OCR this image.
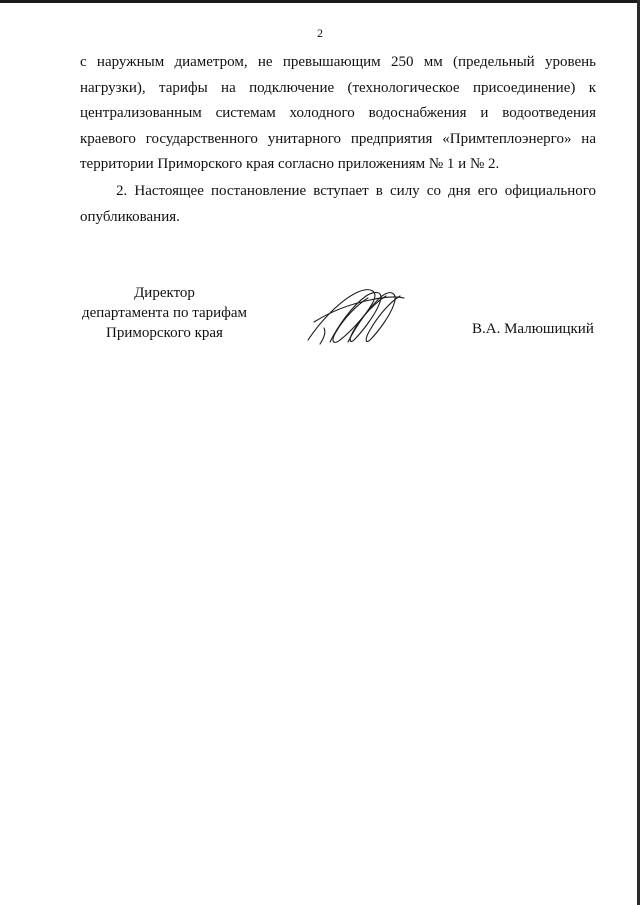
2

с наружным диаметром, не превышающим 250 мм (предельный уровень нагрузки), тарифы на подключение (технологическое присоединение) к централизованным системам холодного водоснабжения и водоотведения краевого государственного унитарного предприятия «Примтеплоэнерго» на территории Приморского края согласно приложениям № 1 и № 2.

2. Настоящее постановление вступает в силу со дня его официального опубликования.

Директор
департамента по тарифам
Приморского края	В.А. Малюшицкий
